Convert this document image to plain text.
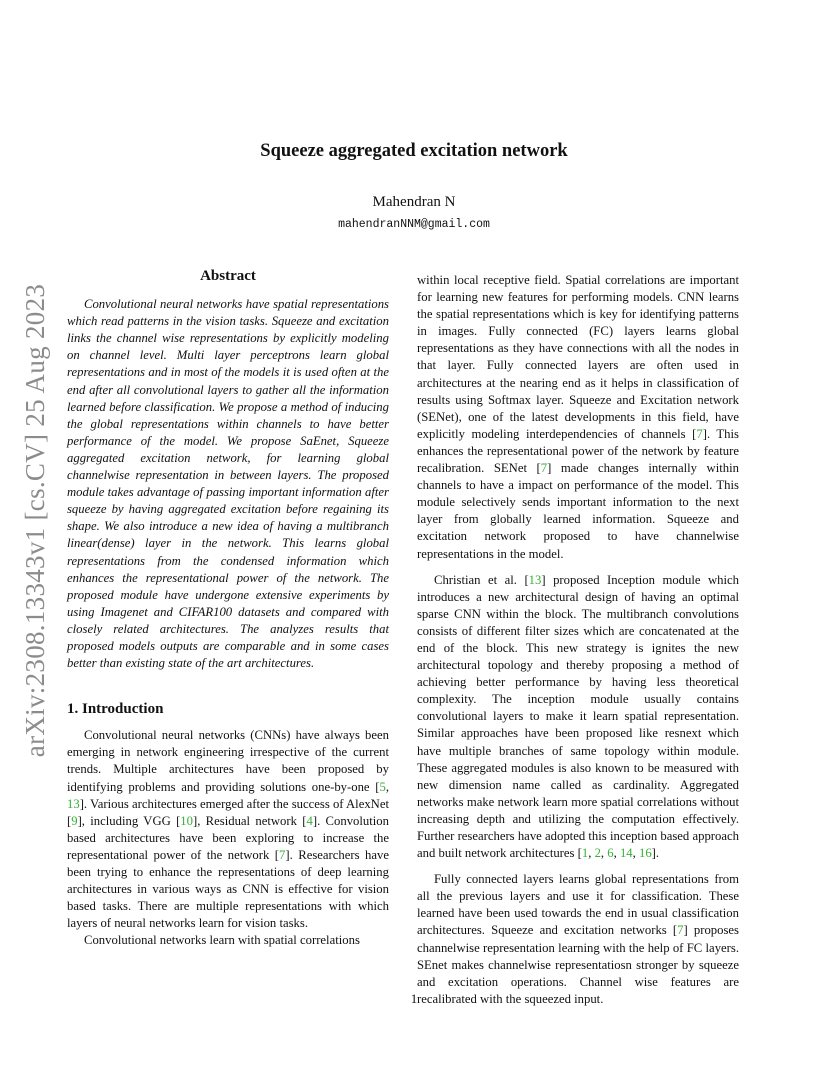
arXiv:2308.13343v1 [cs.CV] 25 Aug 2023
Squeeze aggregated excitation network
Mahendran N
mahendranNNM@gmail.com
Abstract

Convolutional neural networks have spatial representations which read patterns in the vision tasks. Squeeze and excitation links the channel wise representations by explicitly modeling on channel level. Multi layer perceptrons learn global representations and in most of the models it is used often at the end after all convolutional layers to gather all the information learned before classification. We propose a method of inducing the global representations within channels to have better performance of the model. We propose SaEnet, Squeeze aggregated excitation network, for learning global channelwise representation in between layers. The proposed module takes advantage of passing important information after squeeze by having aggregated excitation before regaining its shape. We also introduce a new idea of having a multibranch linear(dense) layer in the network. This learns global representations from the condensed information which enhances the representational power of the network. The proposed module have undergone extensive experiments by using Imagenet and CIFAR100 datasets and compared with closely related architectures. The analyzes results that proposed models outputs are comparable and in some cases better than existing state of the art architectures.

1. Introduction

Convolutional neural networks (CNNs) have always been emerging in network engineering irrespective of the current trends. Multiple architectures have been proposed by identifying problems and providing solutions one-by-one [5, 13]. Various architectures emerged after the success of AlexNet [9], including VGG [10], Residual network [4]. Convolution based architectures have been exploring to increase the representational power of the network [7]. Researchers have been trying to enhance the representations of deep learning architectures in various ways as CNN is effective for vision based tasks. There are multiple representations with which layers of neural networks learn for vision tasks.

Convolutional networks learn with spatial correlations

within local receptive field. Spatial correlations are important for learning new features for performing models. CNN learns the spatial representations which is key for identifying patterns in images. Fully connected (FC) layers learns global representations as they have connections with all the nodes in that layer. Fully connected layers are often used in architectures at the nearing end as it helps in classification of results using Softmax layer. Squeeze and Excitation network (SENet), one of the latest developments in this field, have explicitly modeling interdependencies of channels [7]. This enhances the representational power of the network by feature recalibration. SENet [7] made changes internally within channels to have a impact on performance of the model. This module selectively sends important information to the next layer from globally learned information. Squeeze and excitation network proposed to have channelwise representations in the model.

Christian et al. [13] proposed Inception module which introduces a new architectural design of having an optimal sparse CNN within the block. The multibranch convolutions consists of different filter sizes which are concatenated at the end of the block. This new strategy is ignites the new architectural topology and thereby proposing a method of achieving better performance by having less theoretical complexity. The inception module usually contains convolutional layers to make it learn spatial representation. Similar approaches have been proposed like resnext which have multiple branches of same topology within module. These aggregated modules is also known to be measured with new dimension name called as cardinality. Aggregated networks make network learn more spatial correlations without increasing depth and utilizing the computation effectively. Further researchers have adopted this inception based approach and built network architectures [1, 2, 6, 14, 16].

Fully connected layers learns global representations from all the previous layers and use it for classification. These learned have been used towards the end in usual classification architectures. Squeeze and excitation networks [7] proposes channelwise representation learning with the help of FC layers. SEnet makes channelwise representatiosn stronger by squeeze and excitation operations. Channel wise features are recalibrated with the squeezed input.

1
